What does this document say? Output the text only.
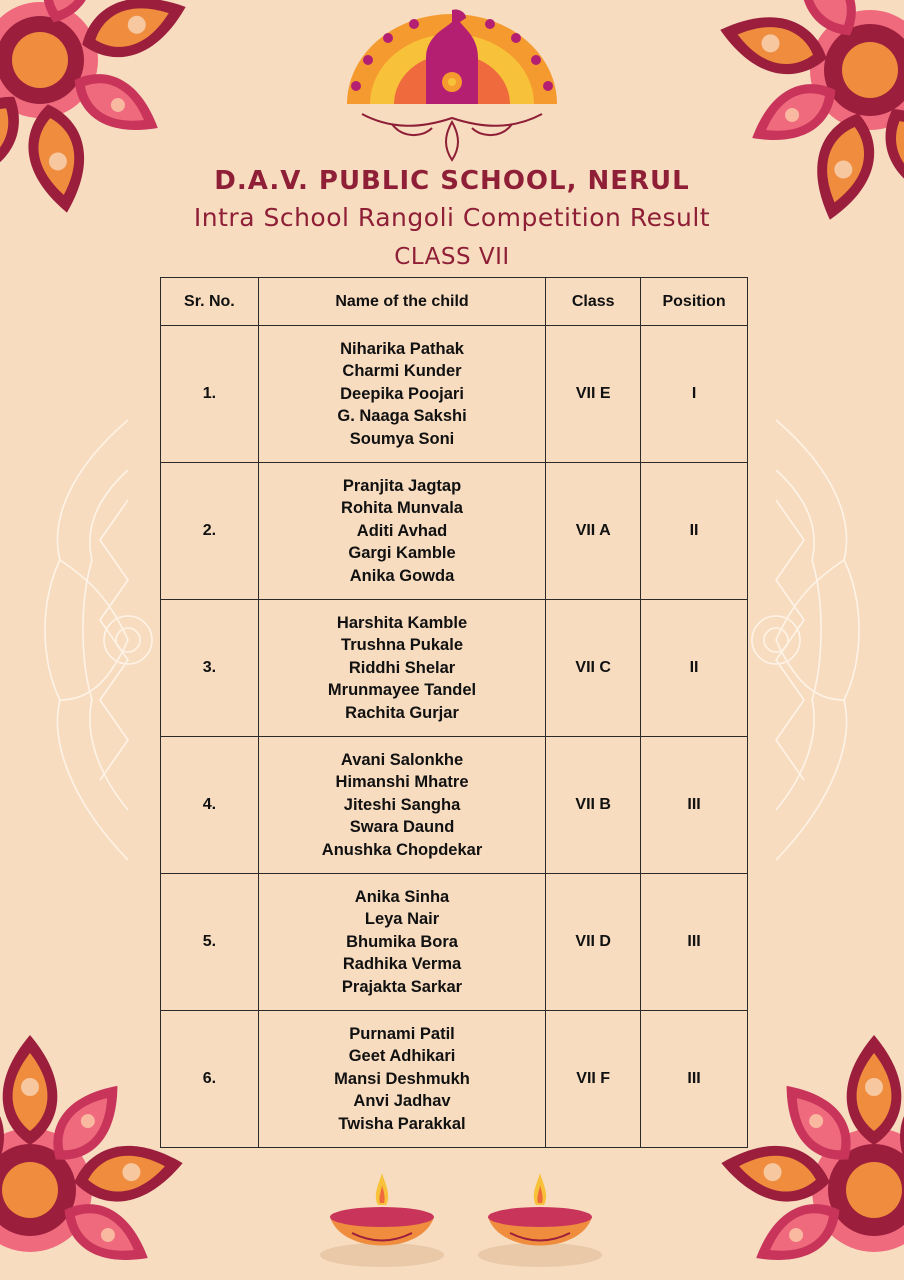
D.A.V. PUBLIC SCHOOL, NERUL
Intra School Rangoli Competition Result
CLASS VII
Sr. No.	Name of the child	Class	Position
1.	Niharika Pathak
Charmi Kunder
Deepika Poojari
G. Naaga Sakshi
Soumya Soni	VII E	I
2.	Pranjita Jagtap
Rohita Munvala
Aditi Avhad
Gargi Kamble
Anika Gowda	VII A	II
3.	Harshita Kamble
Trushna Pukale
Riddhi Shelar
Mrunmayee Tandel
Rachita Gurjar	VII C	II
4.	Avani Salonkhe
Himanshi Mhatre
Jiteshi Sangha
Swara Daund
Anushka Chopdekar	VII B	III
5.	Anika Sinha
Leya Nair
Bhumika Bora
Radhika Verma
Prajakta Sarkar	VII D	III
6.	Purnami Patil
Geet Adhikari
Mansi Deshmukh
Anvi Jadhav
Twisha Parakkal	VII F	III
